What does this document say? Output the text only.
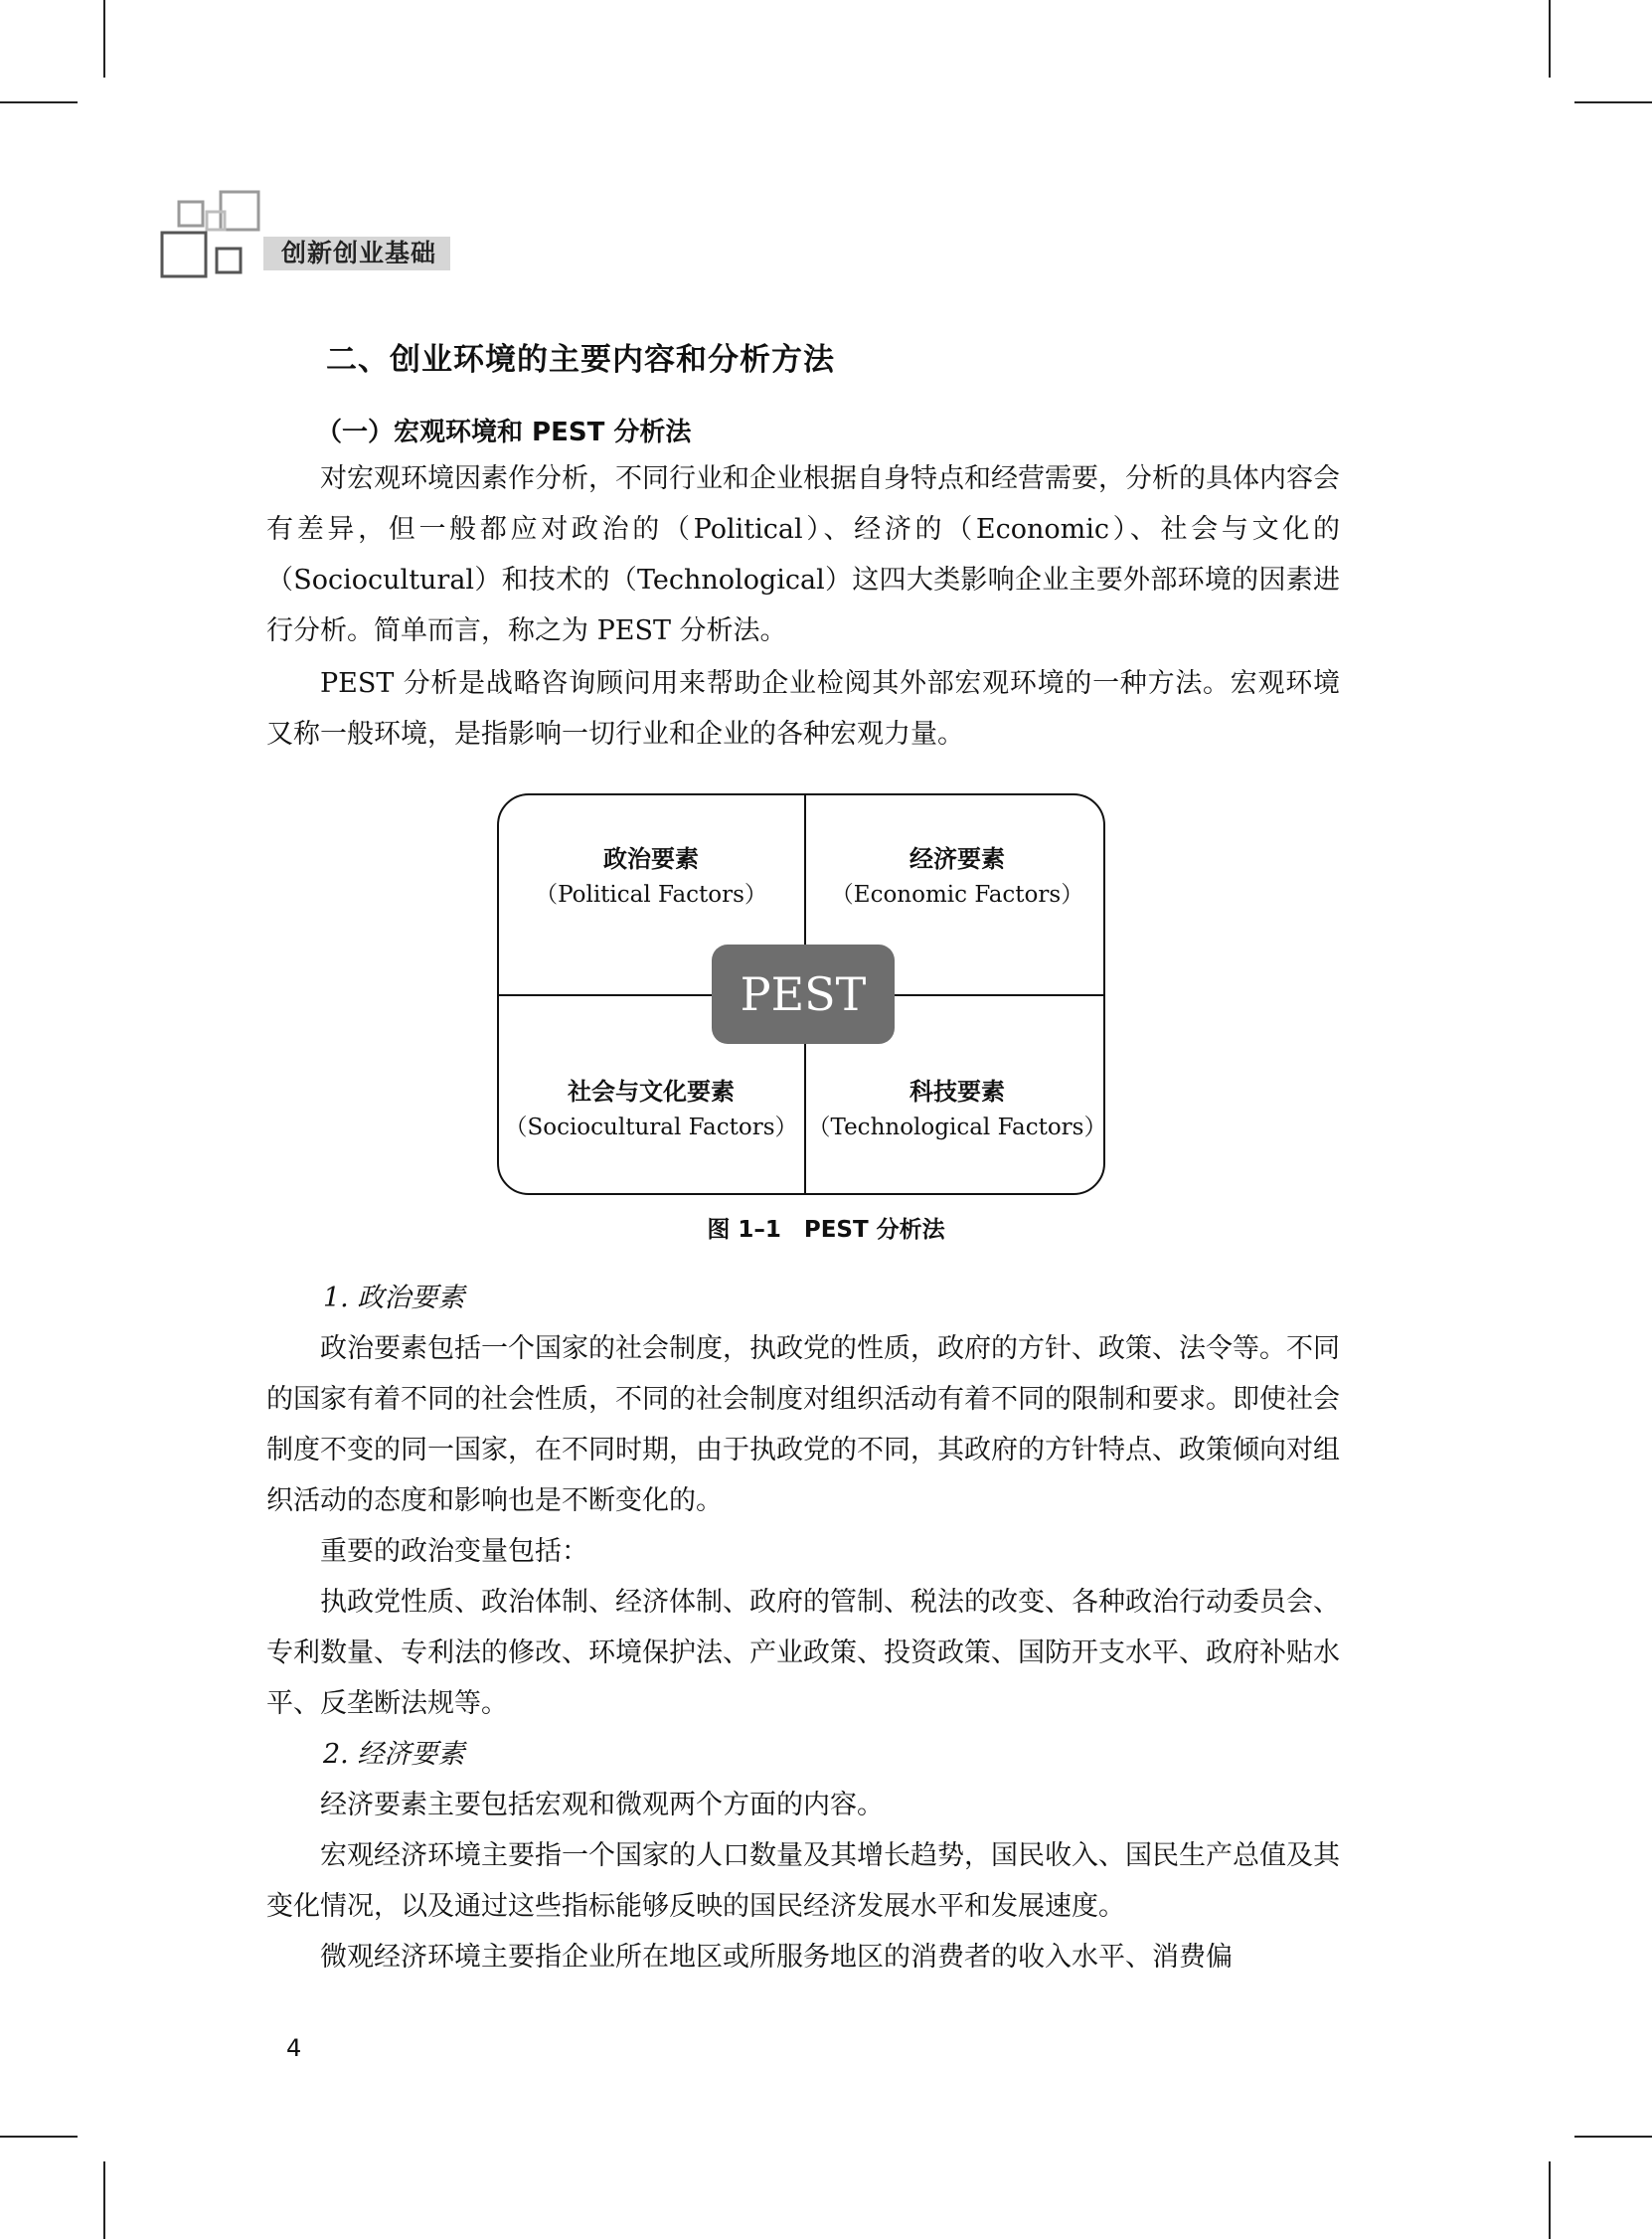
创新创业基础
二、创业环境的主要内容和分析方法
（一）宏观环境和 PEST 分析法

对宏观环境因素作分析，不同行业和企业根据自身特点和经营需要，分析的具体内容会有差异，但一般都应对政治的（Political）、经济的（Economic）、社会与文化的（Sociocultural）和技术的（Technological）这四大类影响企业主要外部环境的因素进行分析。简单而言，称之为 PEST 分析法。

PEST 分析是战略咨询顾问用来帮助企业检阅其外部宏观环境的一种方法。宏观环境又称一般环境，是指影响一切行业和企业的各种宏观力量。

政治要素
（Political Factors）
经济要素
（Economic Factors）
社会与文化要素
（Sociocultural Factors）
科技要素
（Technological Factors）
PEST
图 1–1　PEST 分析法
1. 政治要素

政治要素包括一个国家的社会制度，执政党的性质，政府的方针、政策、法令等。不同的国家有着不同的社会性质，不同的社会制度对组织活动有着不同的限制和要求。即使社会制度不变的同一国家，在不同时期，由于执政党的不同，其政府的方针特点、政策倾向对组织活动的态度和影响也是不断变化的。

重要的政治变量包括：

执政党性质、政治体制、经济体制、政府的管制、税法的改变、各种政治行动委员会、专利数量、专利法的修改、环境保护法、产业政策、投资政策、国防开支水平、政府补贴水平、反垄断法规等。

2. 经济要素

经济要素主要包括宏观和微观两个方面的内容。

宏观经济环境主要指一个国家的人口数量及其增长趋势，国民收入、国民生产总值及其变化情况，以及通过这些指标能够反映的国民经济发展水平和发展速度。

微观经济环境主要指企业所在地区或所服务地区的消费者的收入水平、消费偏

4
